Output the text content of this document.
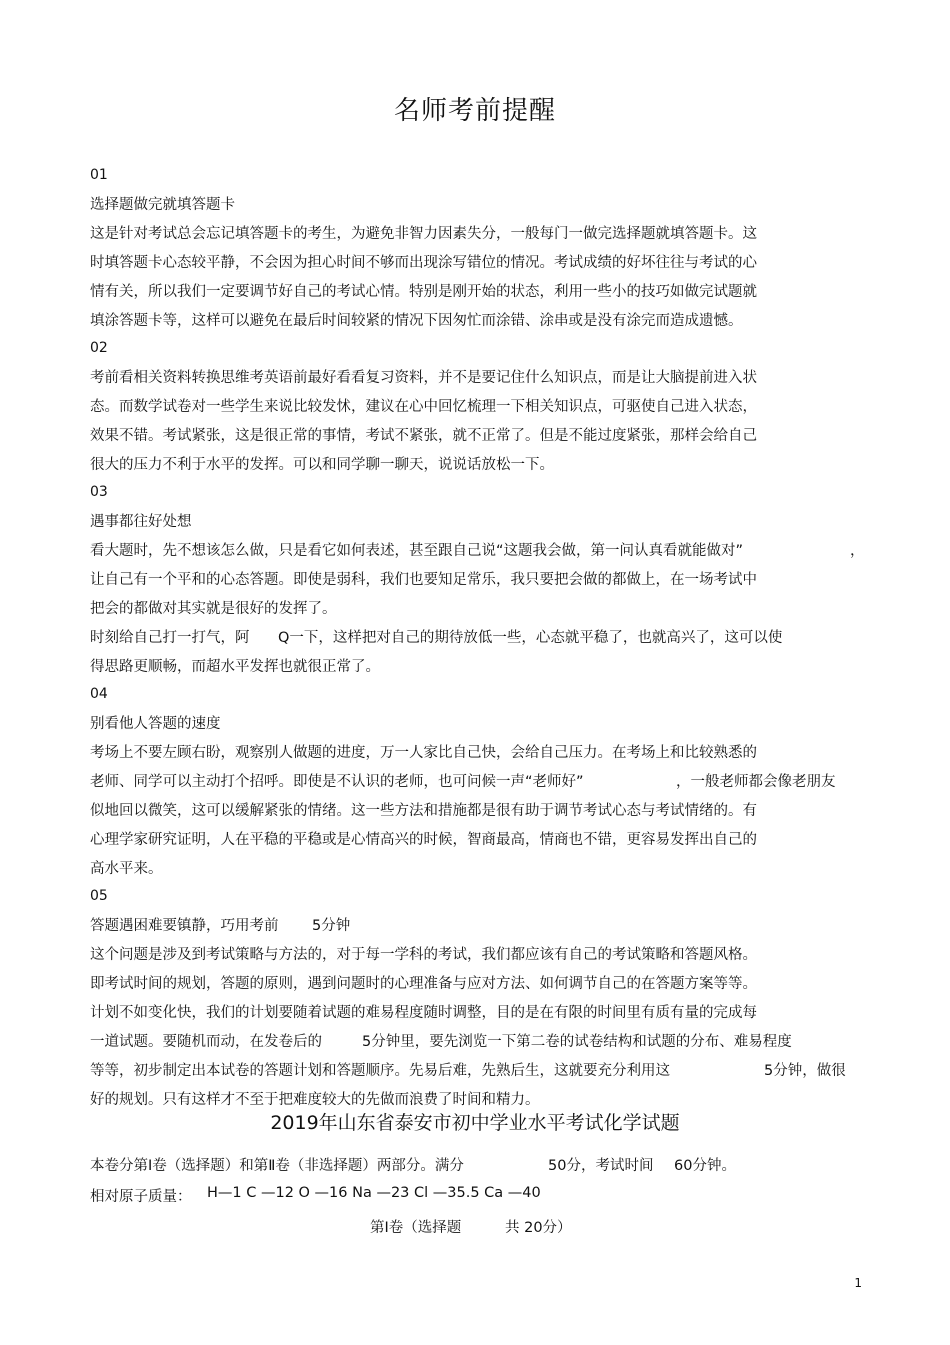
名师考前提醒
01
选择题做完就填答题卡
这是针对考试总会忘记填答题卡的考生，为避免非智力因素失分，一般每门一做完选择题就填答题卡。这
时填答题卡心态较平静，不会因为担心时间不够而出现涂写错位的情况。考试成绩的好坏往往与考试的心
情有关，所以我们一定要调节好自己的考试心情。特别是刚开始的状态，利用一些小的技巧如做完试题就
填涂答题卡等，这样可以避免在最后时间较紧的情况下因匆忙而涂错、涂串或是没有涂完而造成遗憾。
02
考前看相关资料转换思维考英语前最好看看复习资料，并不是要记住什么知识点，而是让大脑提前进入状
态。而数学试卷对一些学生来说比较发怵，建议在心中回忆梳理一下相关知识点，可驱使自己进入状态，
效果不错。考试紧张，这是很正常的事情，考试不紧张，就不正常了。但是不能过度紧张，那样会给自己
很大的压力不利于水平的发挥。可以和同学聊一聊天，说说话放松一下。
03
遇事都往好处想
看大题时，先不想该怎么做，只是看它如何表述，甚至跟自己说“这题我会做，第一问认真看就能做对”	，
让自己有一个平和的心态答题。即使是弱科，我们也要知足常乐，我只要把会做的都做上，在一场考试中
把会的都做对其实就是很好的发挥了。
时刻给自己打一打气，阿 Q一下，这样把对自己的期待放低一些，心态就平稳了，也就高兴了，这可以使
得思路更顺畅，而超水平发挥也就很正常了。
04
别看他人答题的速度
考场上不要左顾右盼，观察别人做题的进度，万一人家比自己快，会给自己压力。在考场上和比较熟悉的
老师、同学可以主动打个招呼。即使是不认识的老师，也可问候一声“老师好”	，一般老师都会像老朋友
似地回以微笑，这可以缓解紧张的情绪。这一些方法和措施都是很有助于调节考试心态与考试情绪的。有
心理学家研究证明，人在平稳的平稳或是心情高兴的时候，智商最高，情商也不错，更容易发挥出自己的
高水平来。
05
答题遇困难要镇静，巧用考前 5分钟
这个问题是涉及到考试策略与方法的，对于每一学科的考试，我们都应该有自己的考试策略和答题风格。
即考试时间的规划，答题的原则，遇到问题时的心理准备与应对方法、如何调节自己的在答题方案等等。
计划不如变化快，我们的计划要随着试题的难易程度随时调整，目的是在有限的时间里有质有量的完成每
一道试题。要随机而动，在发卷后的	5分钟里，要先浏览一下第二卷的试卷结构和试题的分布、难易程度
等等，初步制定出本试卷的答题计划和答题顺序。先易后难，先熟后生，这就要充分利用这	5分钟，做很
好的规划。只有这样才不至于把难度较大的先做而浪费了时间和精力。
2019年山东省泰安市初中学业水平考试化学试题
本卷分第Ⅰ卷（选择题）和第Ⅱ卷（非选择题）两部分。满分	50分，考试时间 60分钟。
相对原子质量： H—1 C —12 O —16 Na —23 Cl —35.5 Ca —40
第Ⅰ卷（选择题	共 20分）
1
